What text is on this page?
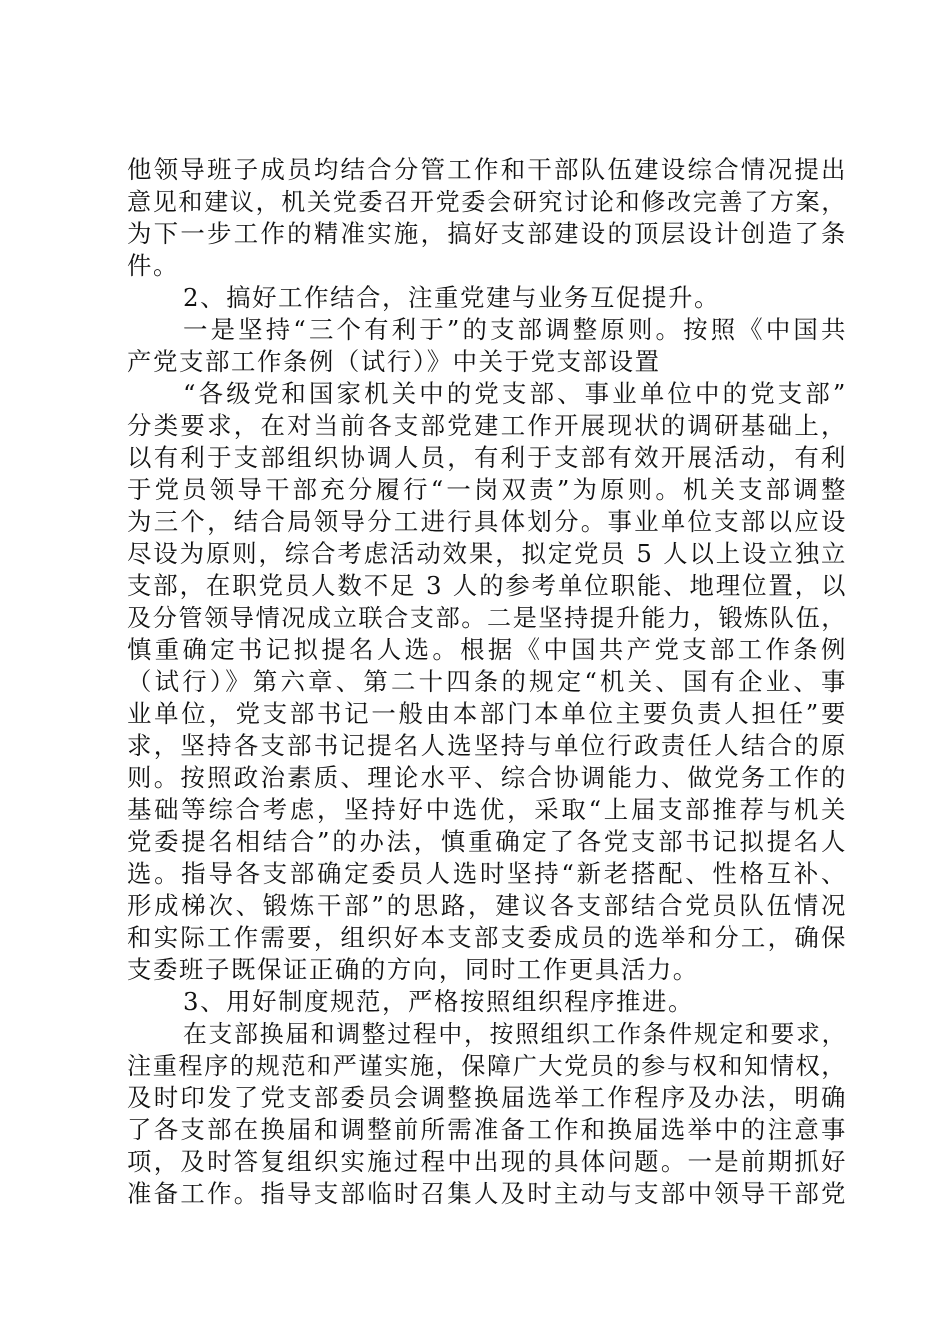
他领导班子成员均结合分管工作和干部队伍建设综合情况提出
意见和建议，机关党委召开党委会研究讨论和修改完善了方案，
为下一步工作的精准实施，搞好支部建设的顶层设计创造了条
件。
2、搞好工作结合，注重党建与业务互促提升。
一是坚持“三个有利于”的支部调整原则。按照《中国共
产党支部工作条例（试行）》中关于党支部设置
“各级党和国家机关中的党支部、事业单位中的党支部”
分类要求，在对当前各支部党建工作开展现状的调研基础上，
以有利于支部组织协调人员，有利于支部有效开展活动，有利
于党员领导干部充分履行“一岗双责”为原则。机关支部调整
为三个，结合局领导分工进行具体划分。事业单位支部以应设
尽设为原则，综合考虑活动效果，拟定党员 5 人以上设立独立
支部，在职党员人数不足 3 人的参考单位职能、地理位置，以
及分管领导情况成立联合支部。二是坚持提升能力，锻炼队伍，
慎重确定书记拟提名人选。根据《中国共产党支部工作条例
（试行）》第六章、第二十四条的规定“机关、国有企业、事
业单位，党支部书记一般由本部门本单位主要负责人担任”要
求，坚持各支部书记提名人选坚持与单位行政责任人结合的原
则。按照政治素质、理论水平、综合协调能力、做党务工作的
基础等综合考虑，坚持好中选优，采取“上届支部推荐与机关
党委提名相结合”的办法，慎重确定了各党支部书记拟提名人
选。指导各支部确定委员人选时坚持“新老搭配、性格互补、
形成梯次、锻炼干部”的思路，建议各支部结合党员队伍情况
和实际工作需要，组织好本支部支委成员的选举和分工，确保
支委班子既保证正确的方向，同时工作更具活力。
3、用好制度规范，严格按照组织程序推进。
在支部换届和调整过程中，按照组织工作条件规定和要求，
注重程序的规范和严谨实施，保障广大党员的参与权和知情权，
及时印发了党支部委员会调整换届选举工作程序及办法，明确
了各支部在换届和调整前所需准备工作和换届选举中的注意事
项，及时答复组织实施过程中出现的具体问题。一是前期抓好
准备工作。指导支部临时召集人及时主动与支部中领导干部党
